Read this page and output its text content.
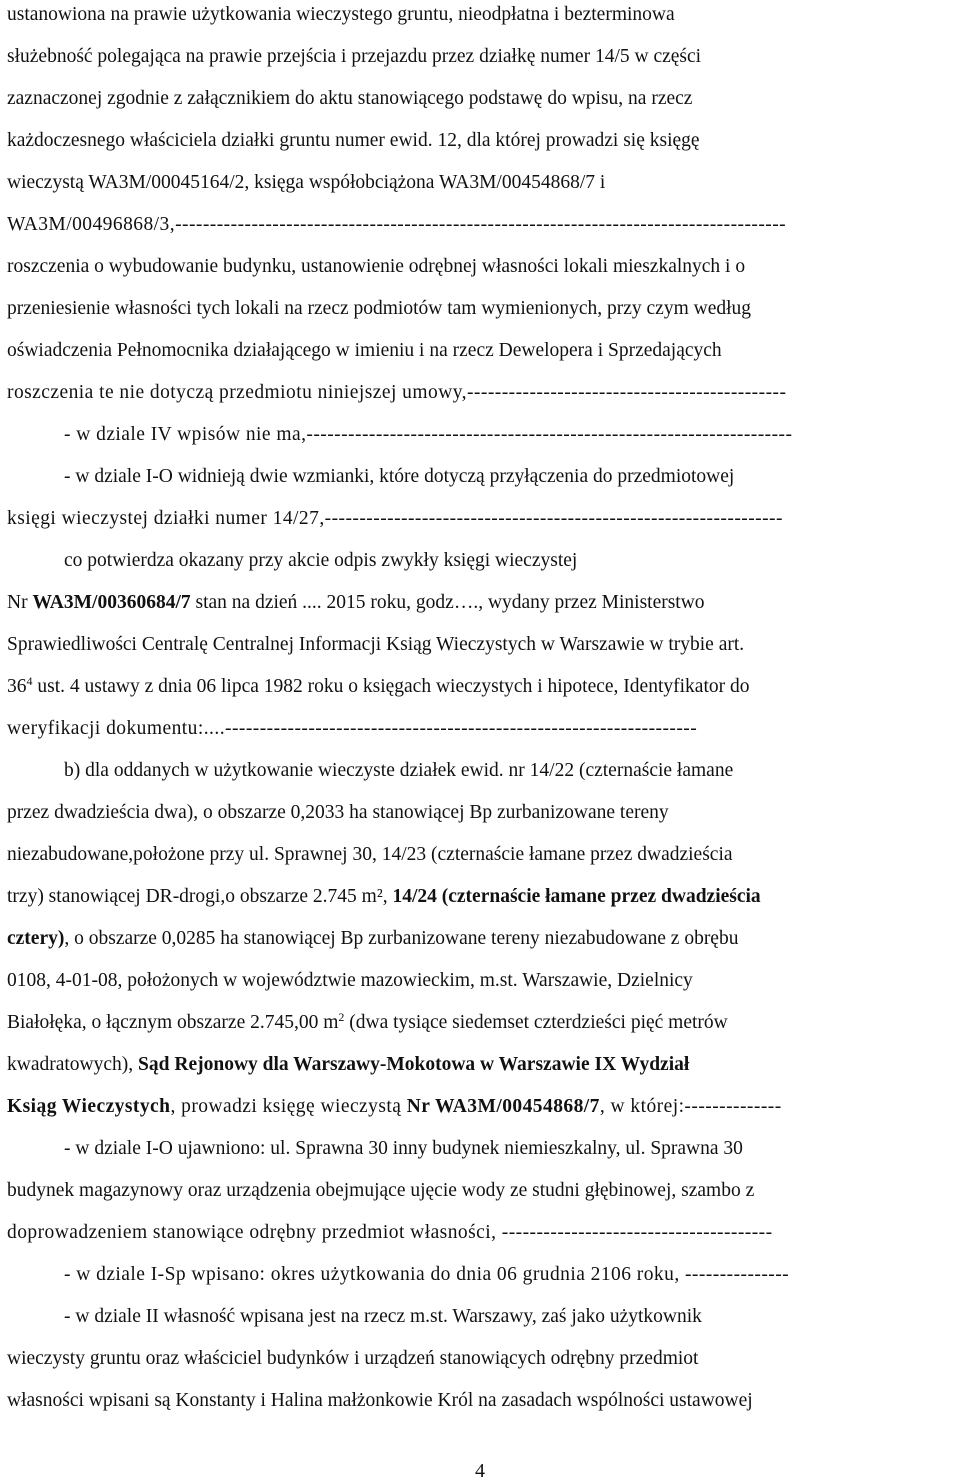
ustanowiona na prawie użytkowania wieczystego gruntu, nieodpłatna i bezterminowa
służebność polegająca na prawie przejścia i przejazdu przez działkę numer 14/5 w części
zaznaczonej zgodnie z załącznikiem do aktu stanowiącego podstawę do wpisu, na rzecz
każdoczesnego właściciela działki gruntu numer ewid. 12, dla której prowadzi się księgę
wieczystą WA3M/00045164/2, księga współobciążona WA3M/00454868/7 i
WA3M/00496868/3,----------------------------------------------------------------------------------------
roszczenia o wybudowanie budynku, ustanowienie odrębnej własności lokali mieszkalnych i o
przeniesienie własności tych lokali na rzecz podmiotów tam wymienionych, przy czym według
oświadczenia Pełnomocnika działającego w imieniu i na rzecz Dewelopera i Sprzedających
roszczenia te nie dotyczą przedmiotu niniejszej umowy,----------------------------------------------
- w dziale IV wpisów nie ma,----------------------------------------------------------------------
- w dziale I-O widnieją dwie wzmianki, które dotyczą przyłączenia do przedmiotowej
księgi wieczystej działki numer 14/27,------------------------------------------------------------------
co potwierdza okazany przy akcie odpis zwykły księgi wieczystej
Nr WA3M/00360684/7 stan na dzień .... 2015 roku, godz…., wydany przez Ministerstwo
Sprawiedliwości Centralę Centralnej Informacji Ksiąg Wieczystych w Warszawie w trybie art.
$36^4$ ust. 4 ustawy z dnia 06 lipca 1982 roku o księgach wieczystych i hipotece, Identyfikator do
weryfikacji dokumentu:....--------------------------------------------------------------------
b) dla oddanych w użytkowanie wieczyste działek ewid. nr 14/22 (czternaście łamane
przez dwadzieścia dwa), o obszarze 0,2033 ha stanowiącej Bp zurbanizowane tereny
niezabudowane,położone przy ul. Sprawnej 30, 14/23 (czternaście łamane przez dwadzieścia
trzy) stanowiącej DR-drogi,o obszarze 2.745 m², 14/24 (czternaście łamane przez dwadzieścia
cztery), o obszarze 0,0285 ha stanowiącej Bp zurbanizowane tereny niezabudowane z obrębu
0108, 4-01-08, położonych w województwie mazowieckim, m.st. Warszawie, Dzielnicy
Białołęka, o łącznym obszarze 2.745,00 $m^2$ (dwa tysiące siedemset czterdzieści pięć metrów
kwadratowych), Sąd Rejonowy dla Warszawy-Mokotowa w Warszawie IX Wydział
Ksiąg Wieczystych, prowadzi księgę wieczystą Nr WA3M/00454868/7, w której:--------------
- w dziale I-O ujawniono: ul. Sprawna 30 inny budynek niemieszkalny, ul. Sprawna 30
budynek magazynowy oraz urządzenia obejmujące ujęcie wody ze studni głębinowej, szambo z
doprowadzeniem stanowiące odrębny przedmiot własności, ---------------------------------------
- w dziale I-Sp wpisano: okres użytkowania do dnia 06 grudnia 2106 roku, ---------------
- w dziale II własność wpisana jest na rzecz m.st. Warszawy, zaś jako użytkownik
wieczysty gruntu oraz właściciel budynków i urządzeń stanowiących odrębny przedmiot
własności wpisani są Konstanty i Halina małżonkowie Król na zasadach wspólności ustawowej
4
